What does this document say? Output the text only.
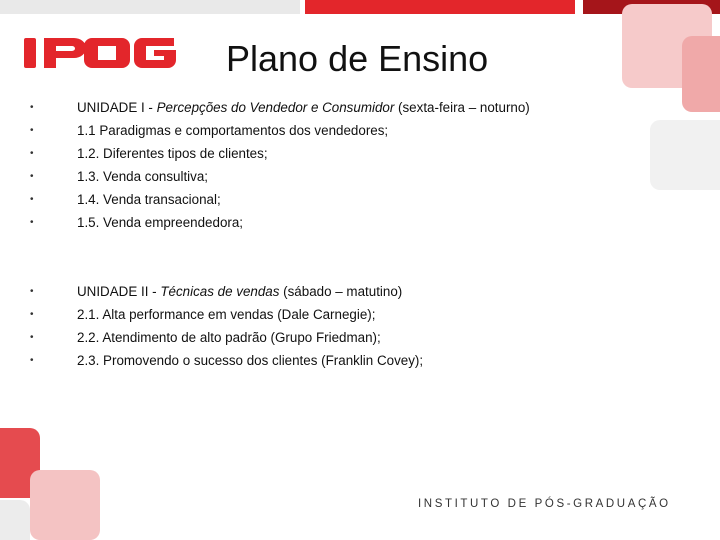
Plano de Ensino
•	UNIDADE I - Percepções do Vendedor e Consumidor (sexta-feira – noturno)
•	1.1 Paradigmas e comportamentos dos vendedores;
•	1.2. Diferentes tipos de clientes;
•	1.3. Venda consultiva;
•	1.4. Venda transacional;
•	1.5. Venda empreendedora;
•	UNIDADE II - Técnicas de vendas (sábado – matutino)
•	2.1. Alta performance em vendas (Dale Carnegie);
•	2.2. Atendimento de alto padrão (Grupo Friedman);
•	2.3. Promovendo o sucesso dos clientes (Franklin Covey);
INSTITUTO DE PÓS-GRADUAÇÃO
